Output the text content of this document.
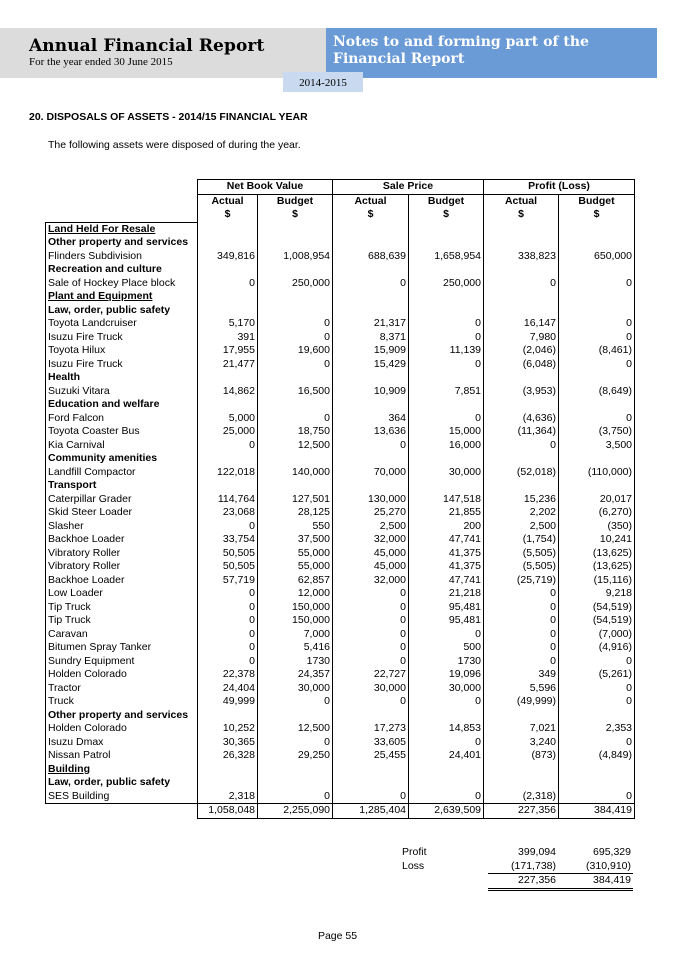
Annual Financial Report
For the year ended 30 June 2015
Notes to and forming part of the Financial Report
2014-2015
20. DISPOSALS OF ASSETS - 2014/15 FINANCIAL YEAR
The following assets were disposed of during the year.
	Net Book Value		Sale Price		Profit (Loss)	
	Actual	Budget	Actual	Budget	Actual	Budget
	$	$	$	$	$	$
Land Held For Resale						
Other property and services						
Flinders Subdivision	349,816	1,008,954	688,639	1,658,954	338,823	650,000
Recreation and culture						
Sale of Hockey Place block	0	250,000	0	250,000	0	0
Plant and Equipment						
Law, order, public safety						
Toyota Landcruiser	5,170	0	21,317	0	16,147	0
Isuzu Fire Truck	391	0	8,371	0	7,980	0
Toyota Hilux	17,955	19,600	15,909	11,139	(2,046)	(8,461)
Isuzu Fire Truck	21,477	0	15,429	0	(6,048)	0
Health						
Suzuki Vitara	14,862	16,500	10,909	7,851	(3,953)	(8,649)
Education and welfare						
Ford Falcon	5,000	0	364	0	(4,636)	0
Toyota Coaster Bus	25,000	18,750	13,636	15,000	(11,364)	(3,750)
Kia Carnival	0	12,500	0	16,000	0	3,500
Community amenities						
Landfill Compactor	122,018	140,000	70,000	30,000	(52,018)	(110,000)
Transport						
Caterpillar Grader	114,764	127,501	130,000	147,518	15,236	20,017
Skid Steer Loader	23,068	28,125	25,270	21,855	2,202	(6,270)
Slasher	0	550	2,500	200	2,500	(350)
Backhoe Loader	33,754	37,500	32,000	47,741	(1,754)	10,241
Vibratory Roller	50,505	55,000	45,000	41,375	(5,505)	(13,625)
Vibratory Roller	50,505	55,000	45,000	41,375	(5,505)	(13,625)
Backhoe Loader	57,719	62,857	32,000	47,741	(25,719)	(15,116)
Low Loader	0	12,000	0	21,218	0	9,218
Tip Truck	0	150,000	0	95,481	0	(54,519)
Tip Truck	0	150,000	0	95,481	0	(54,519)
Caravan	0	7,000	0	0	0	(7,000)
Bitumen Spray Tanker	0	5,416	0	500	0	(4,916)
Sundry Equipment	0	1730	0	1730	0	0
Holden Colorado	22,378	24,357	22,727	19,096	349	(5,261)
Tractor	24,404	30,000	30,000	30,000	5,596	0
Truck	49,999	0	0	0	(49,999)	0
Other property and services						
Holden Colorado	10,252	12,500	17,273	14,853	7,021	2,353
Isuzu Dmax	30,365	0	33,605	0	3,240	0
Nissan Patrol	26,328	29,250	25,455	24,401	(873)	(4,849)
Building						
Law, order, public safety						
SES Building	2,318	0	0	0	(2,318)	0
	1,058,048	2,255,090	1,285,404	2,639,509	227,356	384,419
Profit	399,094	695,329
Loss	(171,738)	(310,910)
	227,356	384,419
Page 55
